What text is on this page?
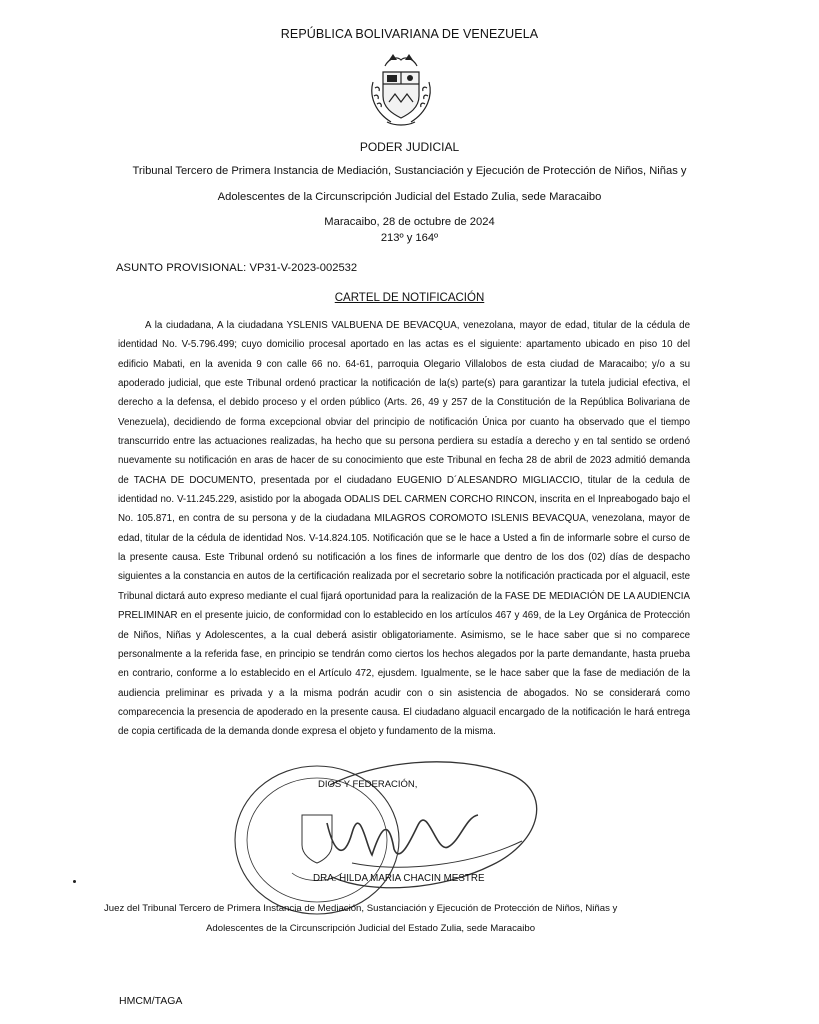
REPÚBLICA BOLIVARIANA DE VENEZUELA
PODER JUDICIAL
Tribunal Tercero de Primera Instancia de Mediación, Sustanciación y Ejecución de Protección de Niños, Niñas y
Adolescentes de la Circunscripción Judicial del Estado Zulia, sede Maracaibo
Maracaibo, 28 de octubre de 2024
213º y 164º
ASUNTO PROVISIONAL: VP31-V-2023-002532
CARTEL DE NOTIFICACIÓN
A la ciudadana, A la ciudadana YSLENIS VALBUENA DE BEVACQUA, venezolana, mayor de edad, titular de la cédula de identidad No. V-5.796.499; cuyo domicilio procesal aportado en las actas es el siguiente: apartamento ubicado en piso 10 del edificio Mabati, en la avenida 9 con calle 66 no. 64-61, parroquia Olegario Villalobos de esta ciudad de Maracaibo; y/o a su apoderado judicial, que este Tribunal ordenó practicar la notificación de la(s) parte(s) para garantizar la tutela judicial efectiva, el derecho a la defensa, el debido proceso y el orden público (Arts. 26, 49 y 257 de la Constitución de la República Bolivariana de Venezuela), decidiendo de forma excepcional obviar del principio de notificación Única por cuanto ha observado que el tiempo transcurrido entre las actuaciones realizadas, ha hecho que su persona perdiera su estadía a derecho y en tal sentido se ordenó nuevamente su notificación en aras de hacer de su conocimiento que este Tribunal en fecha 28 de abril de 2023 admitió demanda de TACHA DE DOCUMENTO, presentada por el ciudadano EUGENIO D´ALESANDRO MIGLIACCIO, titular de la cedula de identidad no. V-11.245.229, asistido por la abogada ODALIS DEL CARMEN CORCHO RINCON, inscrita en el Inpreabogado bajo el No. 105.871, en contra de su persona y de la ciudadana MILAGROS COROMOTO ISLENIS BEVACQUA, venezolana, mayor de edad, titular de la cédula de identidad Nos. V-14.824.105. Notificación que se le hace a Usted a fin de informarle sobre el curso de la presente causa. Este Tribunal ordenó su notificación a los fines de informarle que dentro de los dos (02) días de despacho siguientes a la constancia en autos de la certificación realizada por el secretario sobre la notificación practicada por el alguacil, este Tribunal dictará auto expreso mediante el cual fijará oportunidad para la realización de la FASE DE MEDIACIÓN DE LA AUDIENCIA PRELIMINAR en el presente juicio, de conformidad con lo establecido en los artículos 467 y 469, de la Ley Orgánica de Protección de Niños, Niñas y Adolescentes, a la cual deberá asistir obligatoriamente. Asimismo, se le hace saber que si no comparece personalmente a la referida fase, en principio se tendrán como ciertos los hechos alegados por la parte demandante, hasta prueba en contrario, conforme a lo establecido en el Artículo 472, ejusdem. Igualmente, se le hace saber que la fase de mediación de la audiencia preliminar es privada y a la misma podrán acudir con o sin asistencia de abogados. No se considerará como comparecencia la presencia de apoderado en la presente causa. El ciudadano alguacil encargado de la notificación le hará entrega de copia certificada de la demanda donde expresa el objeto y fundamento de la misma.
DIOS Y FEDERACIÓN,
DRA. HILDA MARIA CHACIN MESTRE
Juez del Tribunal Tercero de Primera Instancia de Mediación, Sustanciación y Ejecución de Protección de Niños, Niñas y
Adolescentes de la Circunscripción Judicial del Estado Zulia, sede Maracaibo
HMCM/TAGA
